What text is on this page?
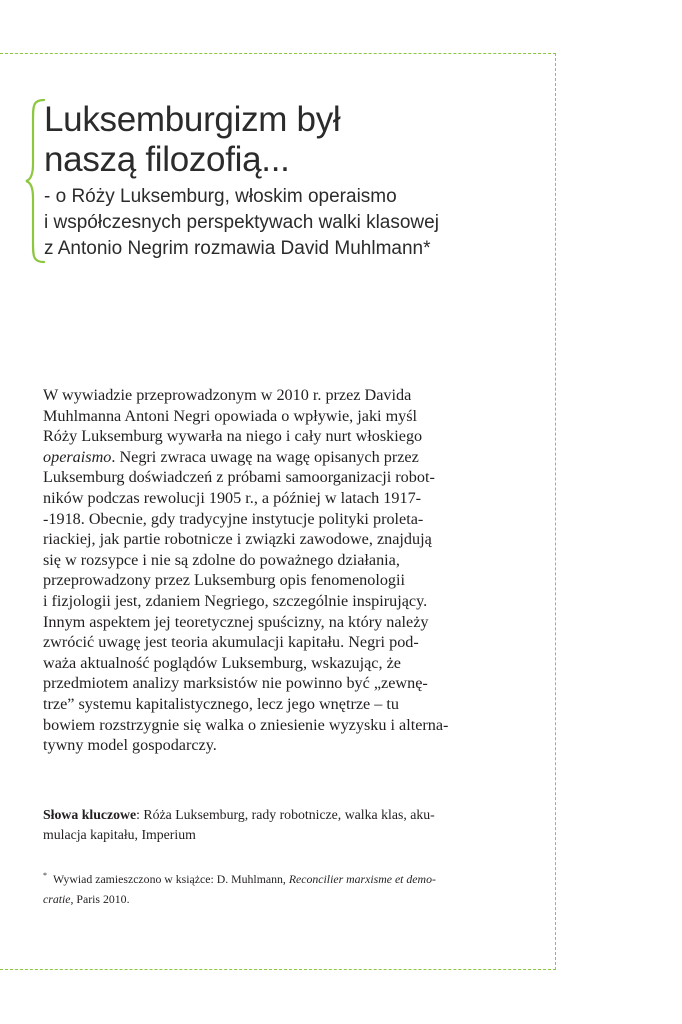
Luksemburgizm był
naszą filozofią...
- o Róży Luksemburg, włoskim operaismo
i współczesnych perspektywach walki klasowej
z Antonio Negrim rozmawia David Muhlmann*
W wywiadzie przeprowadzonym w 2010 r. przez Davida
Muhlmanna Antoni Negri opowiada o wpływie, jaki myśl
Róży Luksemburg wywarła na niego i cały nurt włoskiego
operaismo. Negri zwraca uwagę na wagę opisanych przez
Luksemburg doświadczeń z próbami samoorganizacji robot-
ników podczas rewolucji 1905 r., a później w latach 1917-
-1918. Obecnie, gdy tradycyjne instytucje polityki proleta-
riackiej, jak partie robotnicze i związki zawodowe, znajdują
się w rozsypce i nie są zdolne do poważnego działania,
przeprowadzony przez Luksemburg opis fenomenologii
i fizjologii jest, zdaniem Negriego, szczególnie inspirujący.
Innym aspektem jej teoretycznej spuścizny, na który należy
zwrócić uwagę jest teoria akumulacji kapitału. Negri pod-
waża aktualność poglądów Luksemburg, wskazując, że
przedmiotem analizy marksistów nie powinno być „zewnę-
trze” systemu kapitalistycznego, lecz jego wnętrze – tu
bowiem rozstrzygnie się walka o zniesienie wyzysku i alterna-
tywny model gospodarczy.
Słowa kluczowe: Róża Luksemburg, rady robotnicze, walka klas, aku-
mulacja kapitału, Imperium
* Wywiad zamieszczono w książce: D. Muhlmann, Reconcilier marxisme et demo-
cratie, Paris 2010.
